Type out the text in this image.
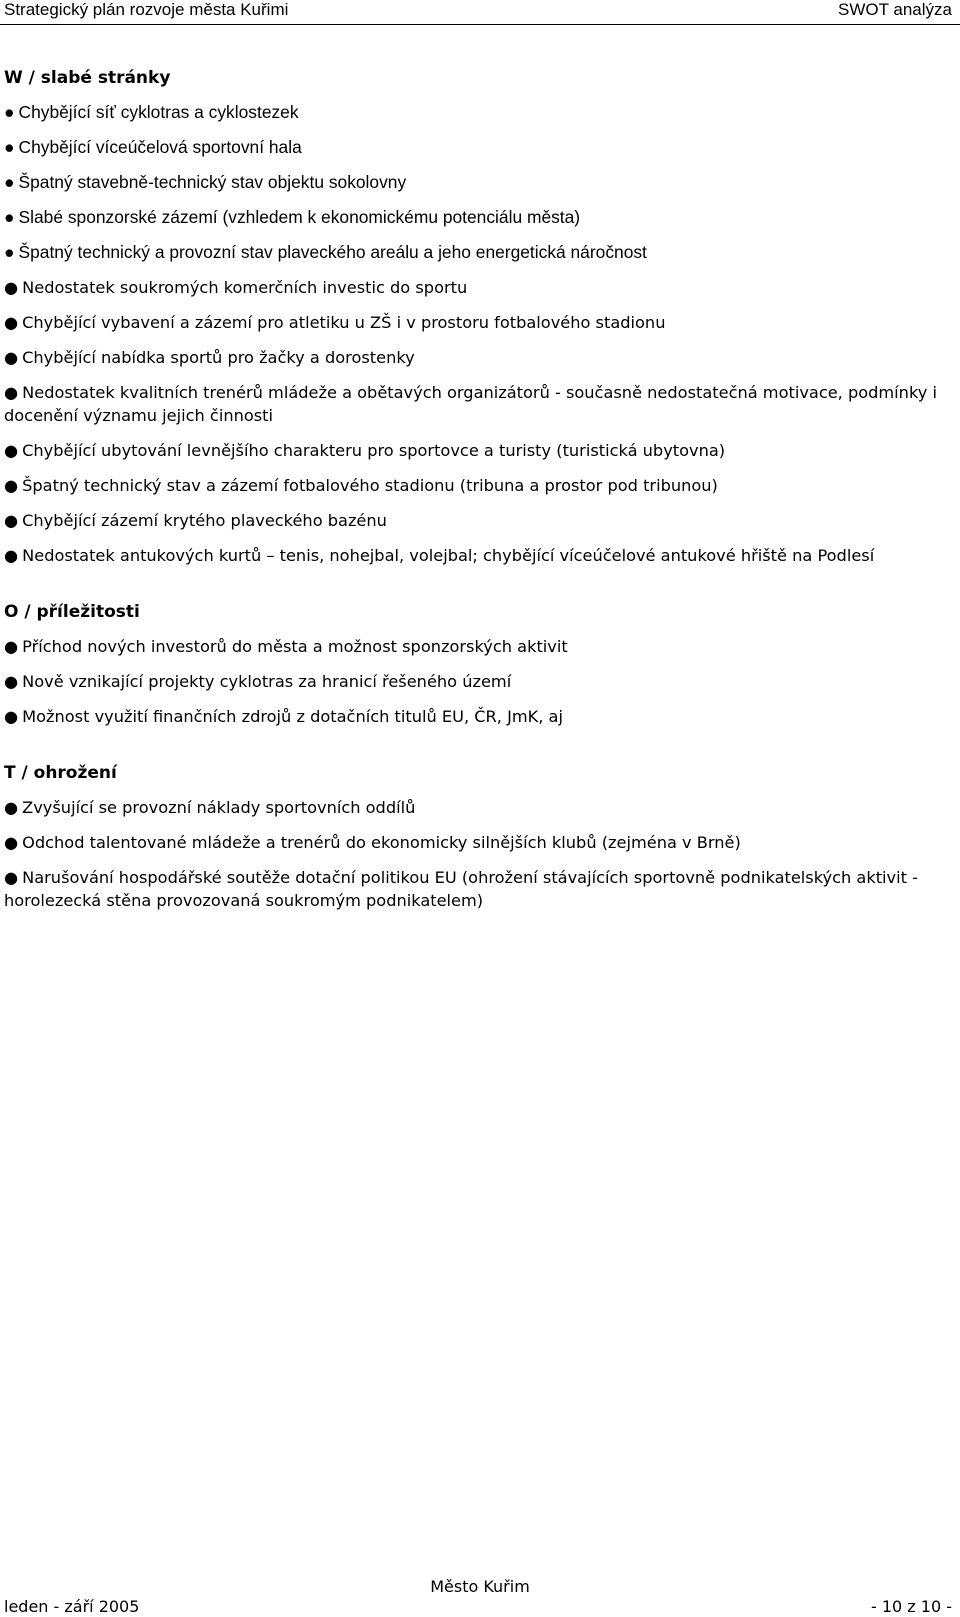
Strategický plán rozvoje města Kuřimi	SWOT analýza
W / slabé stránky
● Chybějící síť cyklotras a cyklostezek
● Chybějící víceúčelová sportovní hala
● Špatný stavebně-technický stav objektu sokolovny
● Slabé sponzorské zázemí (vzhledem k ekonomickému potenciálu města)
● Špatný technický a provozní stav plaveckého areálu a jeho energetická náročnost
● Nedostatek soukromých komerčních investic do sportu
● Chybějící vybavení a zázemí pro atletiku u ZŠ i v prostoru fotbalového stadionu
● Chybějící nabídka sportů pro žačky a dorostenky
● Nedostatek kvalitních trenérů mládeže a obětavých organizátorů - současně nedostatečná motivace, podmínky i docenění významu jejich činnosti
● Chybějící ubytování levnějšího charakteru pro sportovce a turisty (turistická ubytovna)
● Špatný technický stav a zázemí fotbalového stadionu (tribuna a prostor pod tribunou)
● Chybějící zázemí krytého plaveckého bazénu
● Nedostatek antukových kurtů – tenis, nohejbal, volejbal; chybějící víceúčelové antukové hřiště na Podlesí
O / příležitosti
● Příchod nových investorů do města a možnost sponzorských aktivit
● Nově vznikající projekty cyklotras za hranicí řešeného území
● Možnost využití finančních zdrojů z dotačních titulů EU, ČR, JmK, aj
T / ohrožení
● Zvyšující se provozní náklady sportovních oddílů
● Odchod talentované mládeže a trenérů do ekonomicky silnějších klubů (zejména v Brně)
● Narušování hospodářské soutěže dotační politikou EU (ohrožení stávajících sportovně podnikatelských aktivit - horolezecká stěna provozovaná soukromým podnikatelem)
Město Kuřim
leden - září 2005	- 10 z 10 -
